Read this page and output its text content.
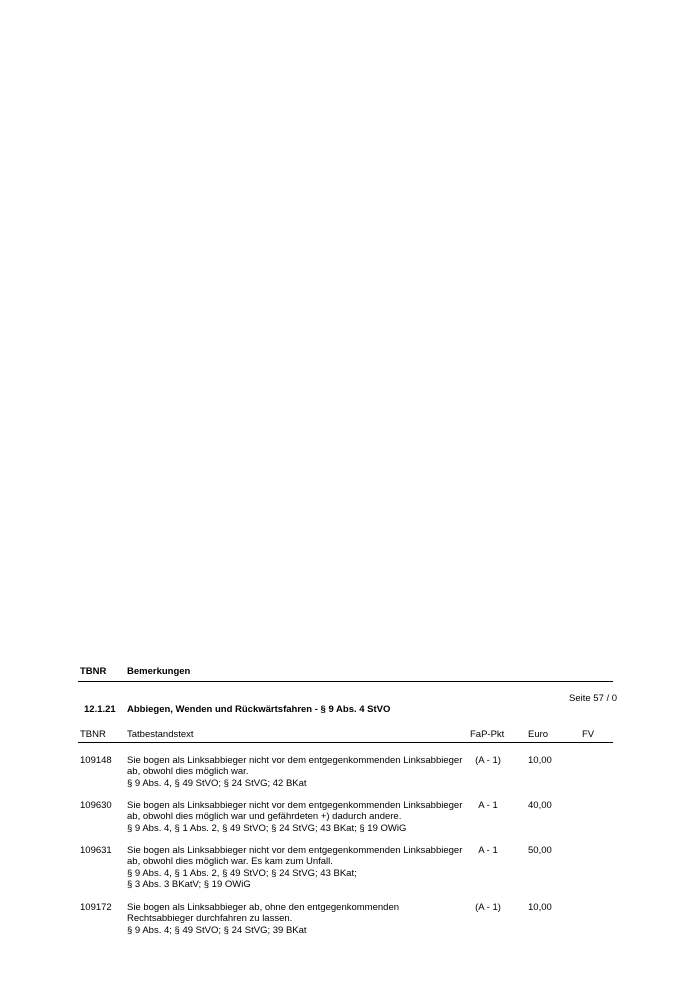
TBNR Bemerkungen
Seite 57 / 0
12.1.21 Abbiegen, Wenden und Rückwärtsfahren - § 9 Abs. 4 StVO
TBNR Tatbestandstext	FaP-Pkt Euro	FV
109148 Sie bogen als Linksabbieger nicht vor dem entgegenkommenden Linksabbieger
ab, obwohl dies möglich war.
§ 9 Abs. 4, § 49 StVO; § 24 StVG; 42 BKat
(A - 1)	10,00
109630 Sie bogen als Linksabbieger nicht vor dem entgegenkommenden Linksabbieger
ab, obwohl dies möglich war und gefährdeten +) dadurch andere.
§ 9 Abs. 4, § 1 Abs. 2, § 49 StVO; § 24 StVG; 43 BKat; § 19 OWiG
A - 1	40,00
109631 Sie bogen als Linksabbieger nicht vor dem entgegenkommenden Linksabbieger
ab, obwohl dies möglich war. Es kam zum Unfall.
§ 9 Abs. 4, § 1 Abs. 2, § 49 StVO; § 24 StVG; 43 BKat;
§ 3 Abs. 3 BKatV; § 19 OWiG
A - 1	50,00
109172 Sie bogen als Linksabbieger ab, ohne den entgegenkommenden
Rechtsabbieger durchfahren zu lassen.
§ 9 Abs. 4; § 49 StVO; § 24 StVG; 39 BKat
(A - 1)	10,00
